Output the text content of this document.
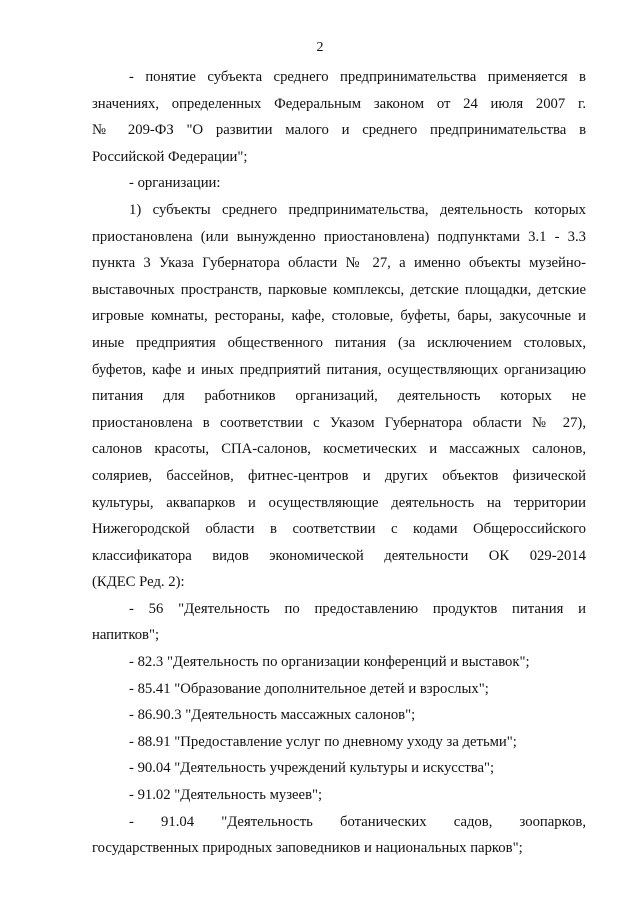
2
- понятие субъекта среднего предпринимательства применяется в
значениях, определенных Федеральным законом от 24 июля 2007 г.
№ 209-ФЗ "О развитии малого и среднего предпринимательства в
Российской Федерации";
- организации:
1) субъекты среднего предпринимательства, деятельность которых
приостановлена (или вынужденно приостановлена) подпунктами 3.1 - 3.3
пункта 3 Указа Губернатора области № 27, а именно объекты музейно-
выставочных пространств, парковые комплексы, детские площадки, детские
игровые комнаты, рестораны, кафе, столовые, буфеты, бары, закусочные и
иные предприятия общественного питания (за исключением столовых,
буфетов, кафе и иных предприятий питания, осуществляющих организацию
питания для работников организаций, деятельность которых не
приостановлена в соответствии с Указом Губернатора области № 27),
салонов красоты, СПА-салонов, косметических и массажных салонов,
соляриев, бассейнов, фитнес-центров и других объектов физической
культуры, аквапарков и осуществляющие деятельность на территории
Нижегородской области в соответствии с кодами Общероссийского
классификатора видов экономической деятельности ОК 029-2014
(КДЕС Ред. 2):
- 56 "Деятельность по предоставлению продуктов питания и
напитков";
- 82.3 "Деятельность по организации конференций и выставок";
- 85.41 "Образование дополнительное детей и взрослых";
- 86.90.3 "Деятельность массажных салонов";
- 88.91 "Предоставление услуг по дневному уходу за детьми";
- 90.04 "Деятельность учреждений культуры и искусства";
- 91.02 "Деятельность музеев";
- 91.04 "Деятельность ботанических садов, зоопарков,
государственных природных заповедников и национальных парков";
